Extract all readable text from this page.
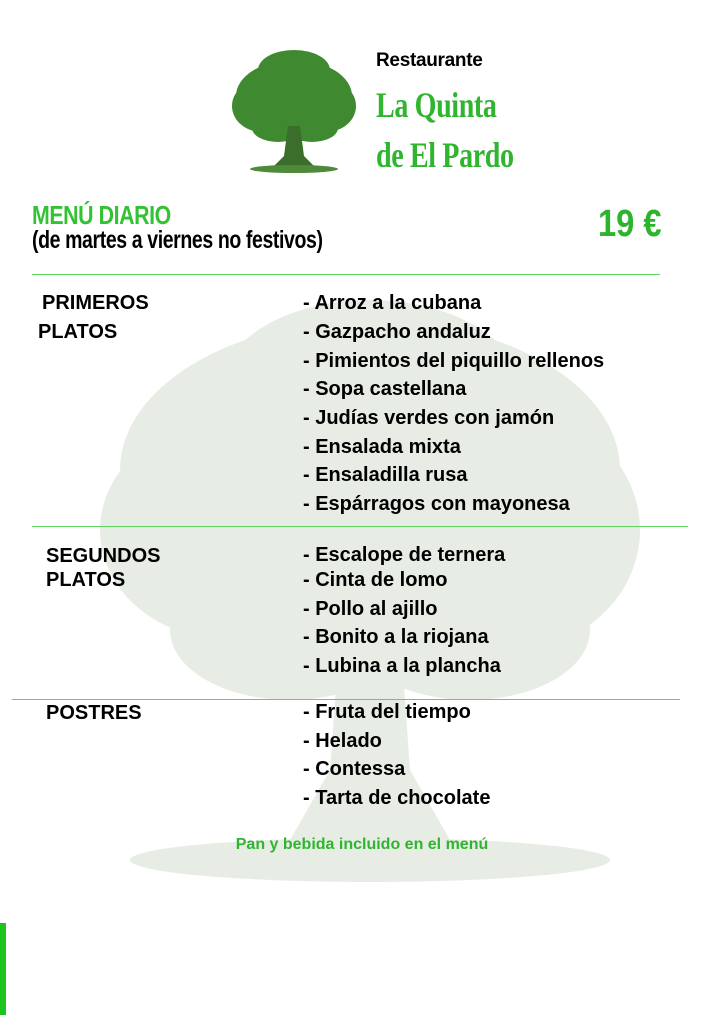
Restaurante
La Quinta
de El Pardo
MENÚ DIARIO
(de martes a viernes no festivos)	19 €
PRIMEROS
PLATOS
- Arroz a la cubana
- Gazpacho andaluz
- Pimientos del piquillo rellenos
- Sopa castellana
- Judías verdes con jamón
- Ensalada mixta
- Ensaladilla rusa
- Espárragos con mayonesa
SEGUNDOS
PLATOS
- Escalope de ternera
- Cinta de lomo
- Pollo al ajillo
- Bonito a la riojana
- Lubina a la plancha
POSTRES	- Fruta del tiempo
- Helado
- Contessa
- Tarta de chocolate
Pan y bebida incluido en el menú
